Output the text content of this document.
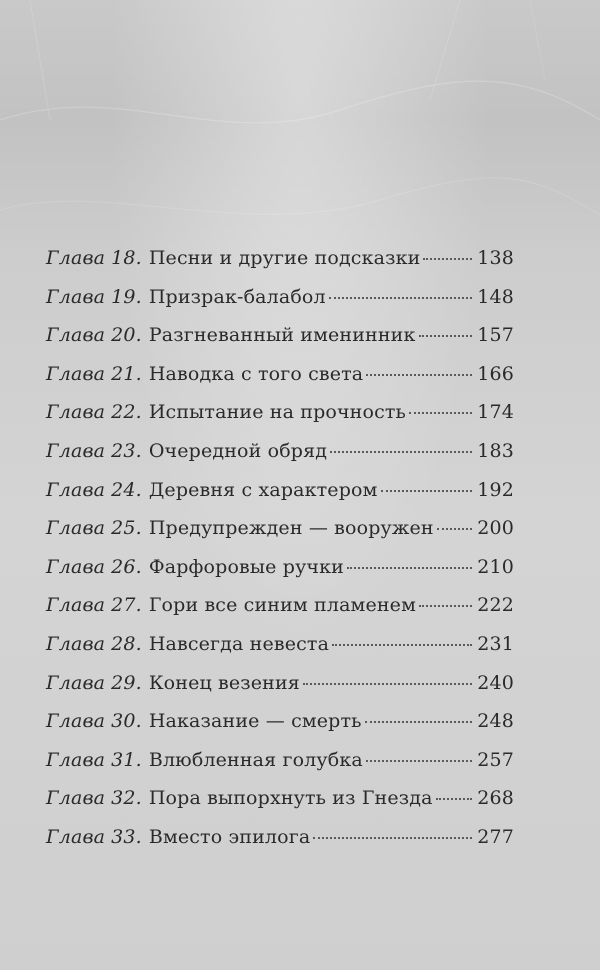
Глава 18. Песни и другие подсказки	138
Глава 19. Призрак-балабол	148
Глава 20. Разгневанный именинник	157
Глава 21. Наводка с того света	166
Глава 22. Испытание на прочность	174
Глава 23. Очередной обряд	183
Глава 24. Деревня с характером	192
Глава 25. Предупрежден — вооружен 200
Глава 26. Фарфоровые ручки	210
Глава 27. Гори все синим пламенем	222
Глава 28. Навсегда невеста	231
Глава 29. Конец везения	240
Глава 30. Наказание — смерть	248
Глава 31. Влюбленная голубка	257
Глава 32. Пора выпорхнуть из Гнезда 268
Глава 33. Вместо эпилога	277
